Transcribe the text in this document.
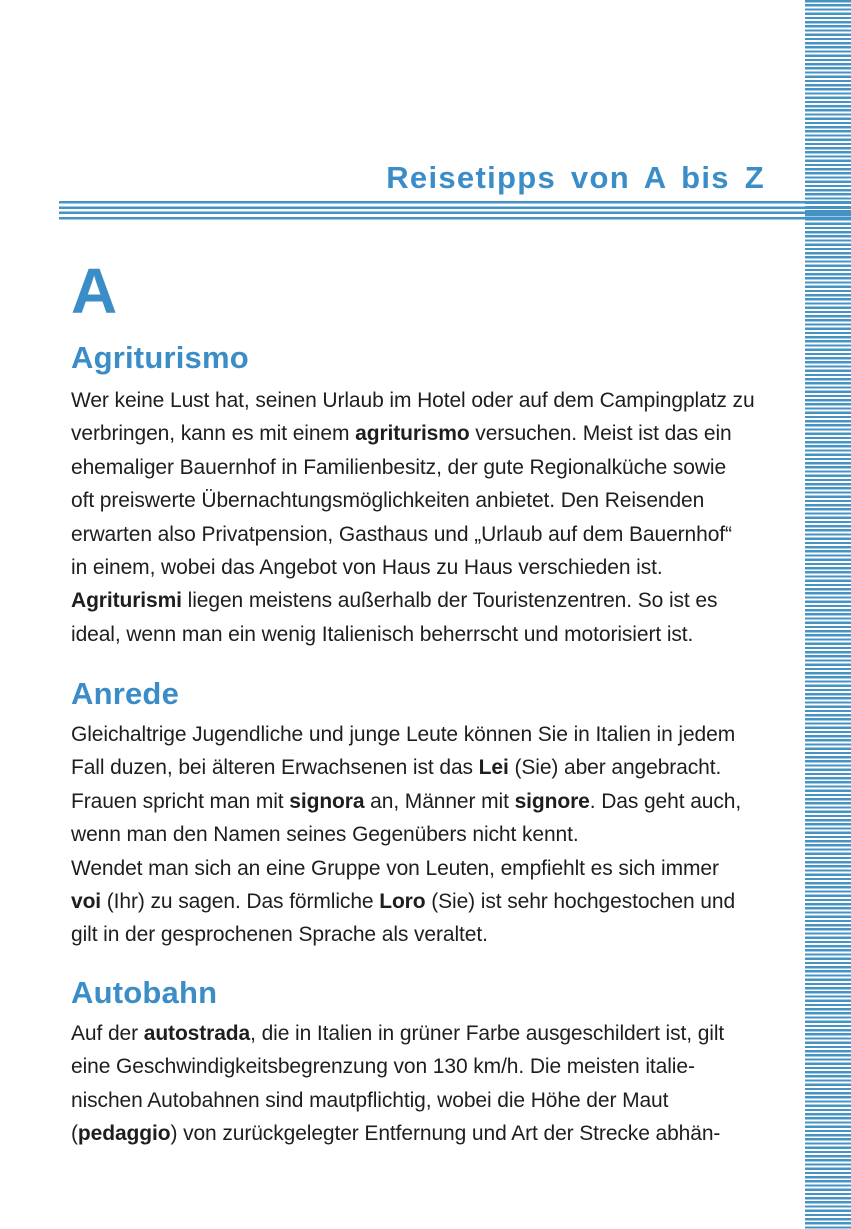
Reisetipps von A bis Z
A
Agriturismo
Wer keine Lust hat, seinen Urlaub im Hotel oder auf dem Campingplatz zu
verbringen, kann es mit einem agriturismo versuchen. Meist ist das ein
ehemaliger Bauernhof in Familienbesitz, der gute Regionalküche sowie
oft preiswerte Übernachtungsmöglichkeiten anbietet. Den Reisenden
erwarten also Privatpension, Gasthaus und „Urlaub auf dem Bauernhof“
in einem, wobei das Angebot von Haus zu Haus verschieden ist.
Agriturismi liegen meistens außerhalb der Touristenzentren. So ist es
ideal, wenn man ein wenig Italienisch beherrscht und motorisiert ist.
Anrede
Gleichaltrige Jugendliche und junge Leute können Sie in Italien in jedem
Fall duzen, bei älteren Erwachsenen ist das Lei (Sie) aber angebracht.
Frauen spricht man mit signora an, Männer mit signore. Das geht auch,
wenn man den Namen seines Gegenübers nicht kennt.
Wendet man sich an eine Gruppe von Leuten, empfiehlt es sich immer
voi (Ihr) zu sagen. Das förmliche Loro (Sie) ist sehr hochgestochen und
gilt in der gesprochenen Sprache als veraltet.
Autobahn
Auf der autostrada, die in Italien in grüner Farbe ausgeschildert ist, gilt
eine Geschwindigkeitsbegrenzung von 130 km/h. Die meisten italie-
nischen Autobahnen sind mautpflichtig, wobei die Höhe der Maut
(pedaggio) von zurückgelegter Entfernung und Art der Strecke abhän-
